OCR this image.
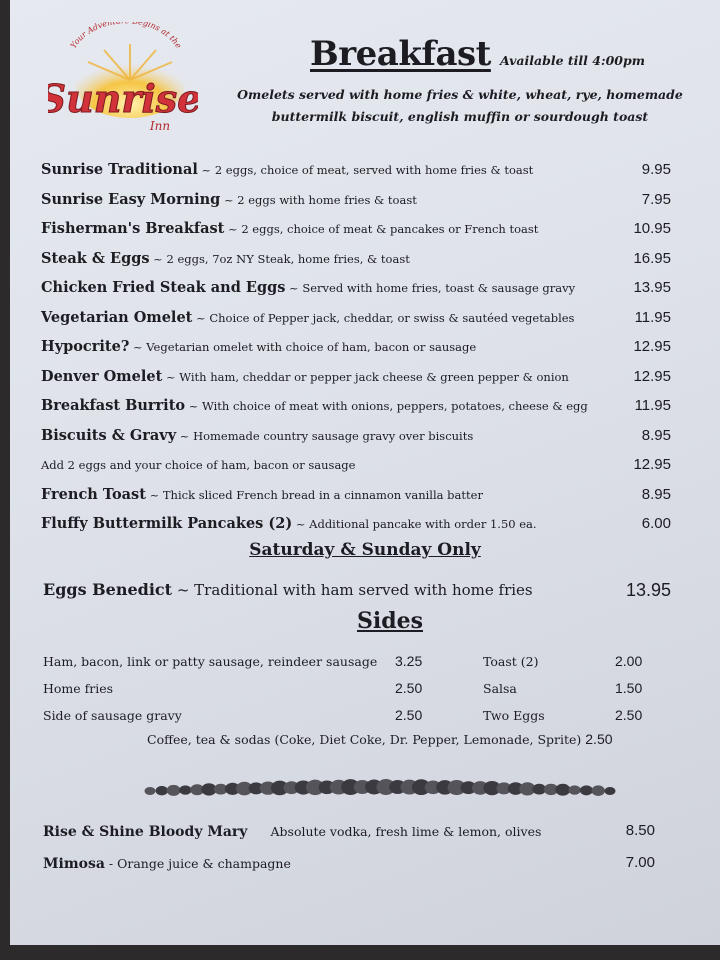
Your Adven egins at the
Sunrise
Inn
Breakfast Available till 4:00pm
Omelets served with home fries & white, wheat, rye, homemade buttermilk biscuit, english muffin or sourdough toast
Sunrise Traditional ~ 2 eggs, choice of meat, served with home fries & toast	9.95
Sunrise Easy Morning ~ 2 eggs with home fries & toast	7.95
Fisherman's Breakfast ~ 2 eggs, choice of meat & pancakes or French toast	10.95
Steak & Eggs ~ 2 eggs, 7oz NY Steak, home fries, & toast	16.95
Chicken Fried Steak and Eggs ~ Served with home fries, toast & sausage gravy	13.95
Vegetarian Omelet ~ Choice of Pepper jack, cheddar, or swiss & sautéed vegetables	11.95
Hypocrite? ~ Vegetarian omelet with choice of ham, bacon or sausage	12.95
Denver Omelet ~ With ham, cheddar or pepper jack cheese & green pepper & onion	12.95
Breakfast Burrito ~ With choice of meat with onions, peppers, potatoes, cheese & egg	11.95
Biscuits & Gravy ~ Homemade country sausage gravy over biscuits	8.95
Add 2 eggs and your choice of ham, bacon or sausage	12.95
French Toast ~ Thick sliced French bread in a cinnamon vanilla batter	8.95
Fluffy Buttermilk Pancakes (2) ~ Additional pancake with order 1.50 ea.	6.00
Saturday & Sunday Only
Eggs Benedict ~ Traditional with ham served with home fries	13.95
Sides
Ham, bacon, link or patty sausage, reindeer sausage 3.25	Toast (2)	2.00
Home fries	2.50	Salsa	1.50
Side of sausage gravy	2.50	Two Eggs	2.50
Coffee, tea & sodas (Coke, Diet Coke, Dr. Pepper, Lemonade, Sprite) 2.50
Rise & Shine Bloody Mary Absolute vodka, fresh lime & lemon, olives	8.50
Mimosa - Orange juice & champagne	7.00
